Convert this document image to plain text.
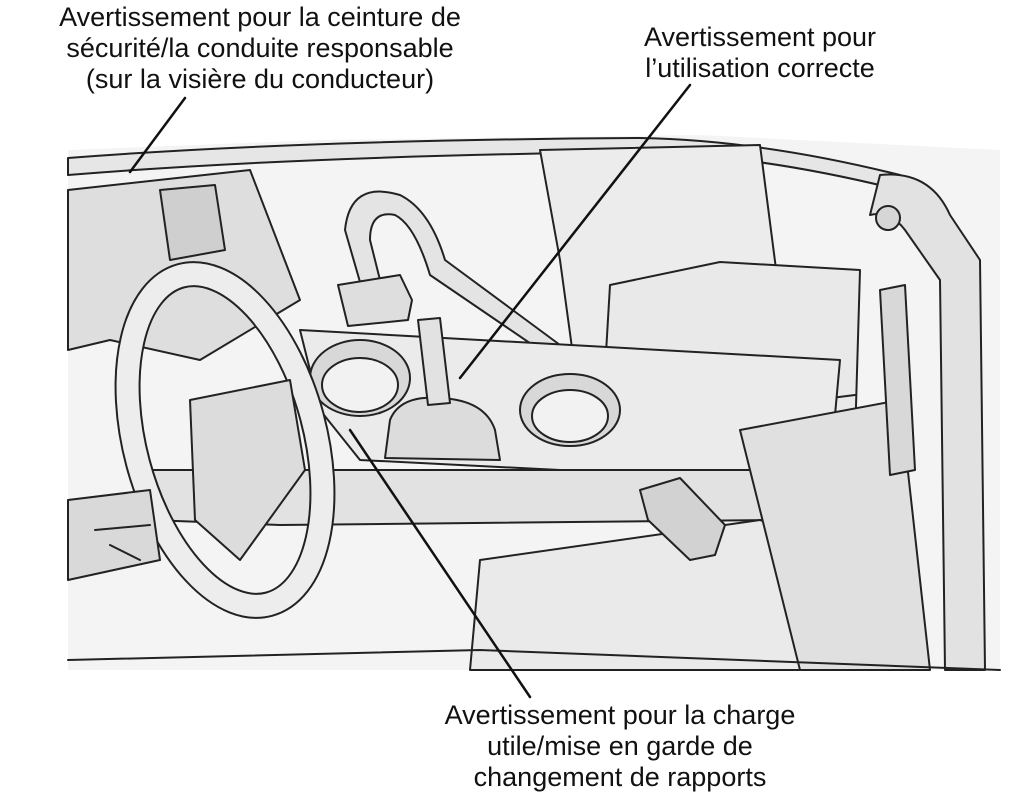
Avertissement pour la ceinture de
sécurité/la conduite responsable
(sur la visière du conducteur)
Avertissement pour
l’utilisation correcte
Avertissement pour la charge
utile/mise en garde de
changement de rapports
